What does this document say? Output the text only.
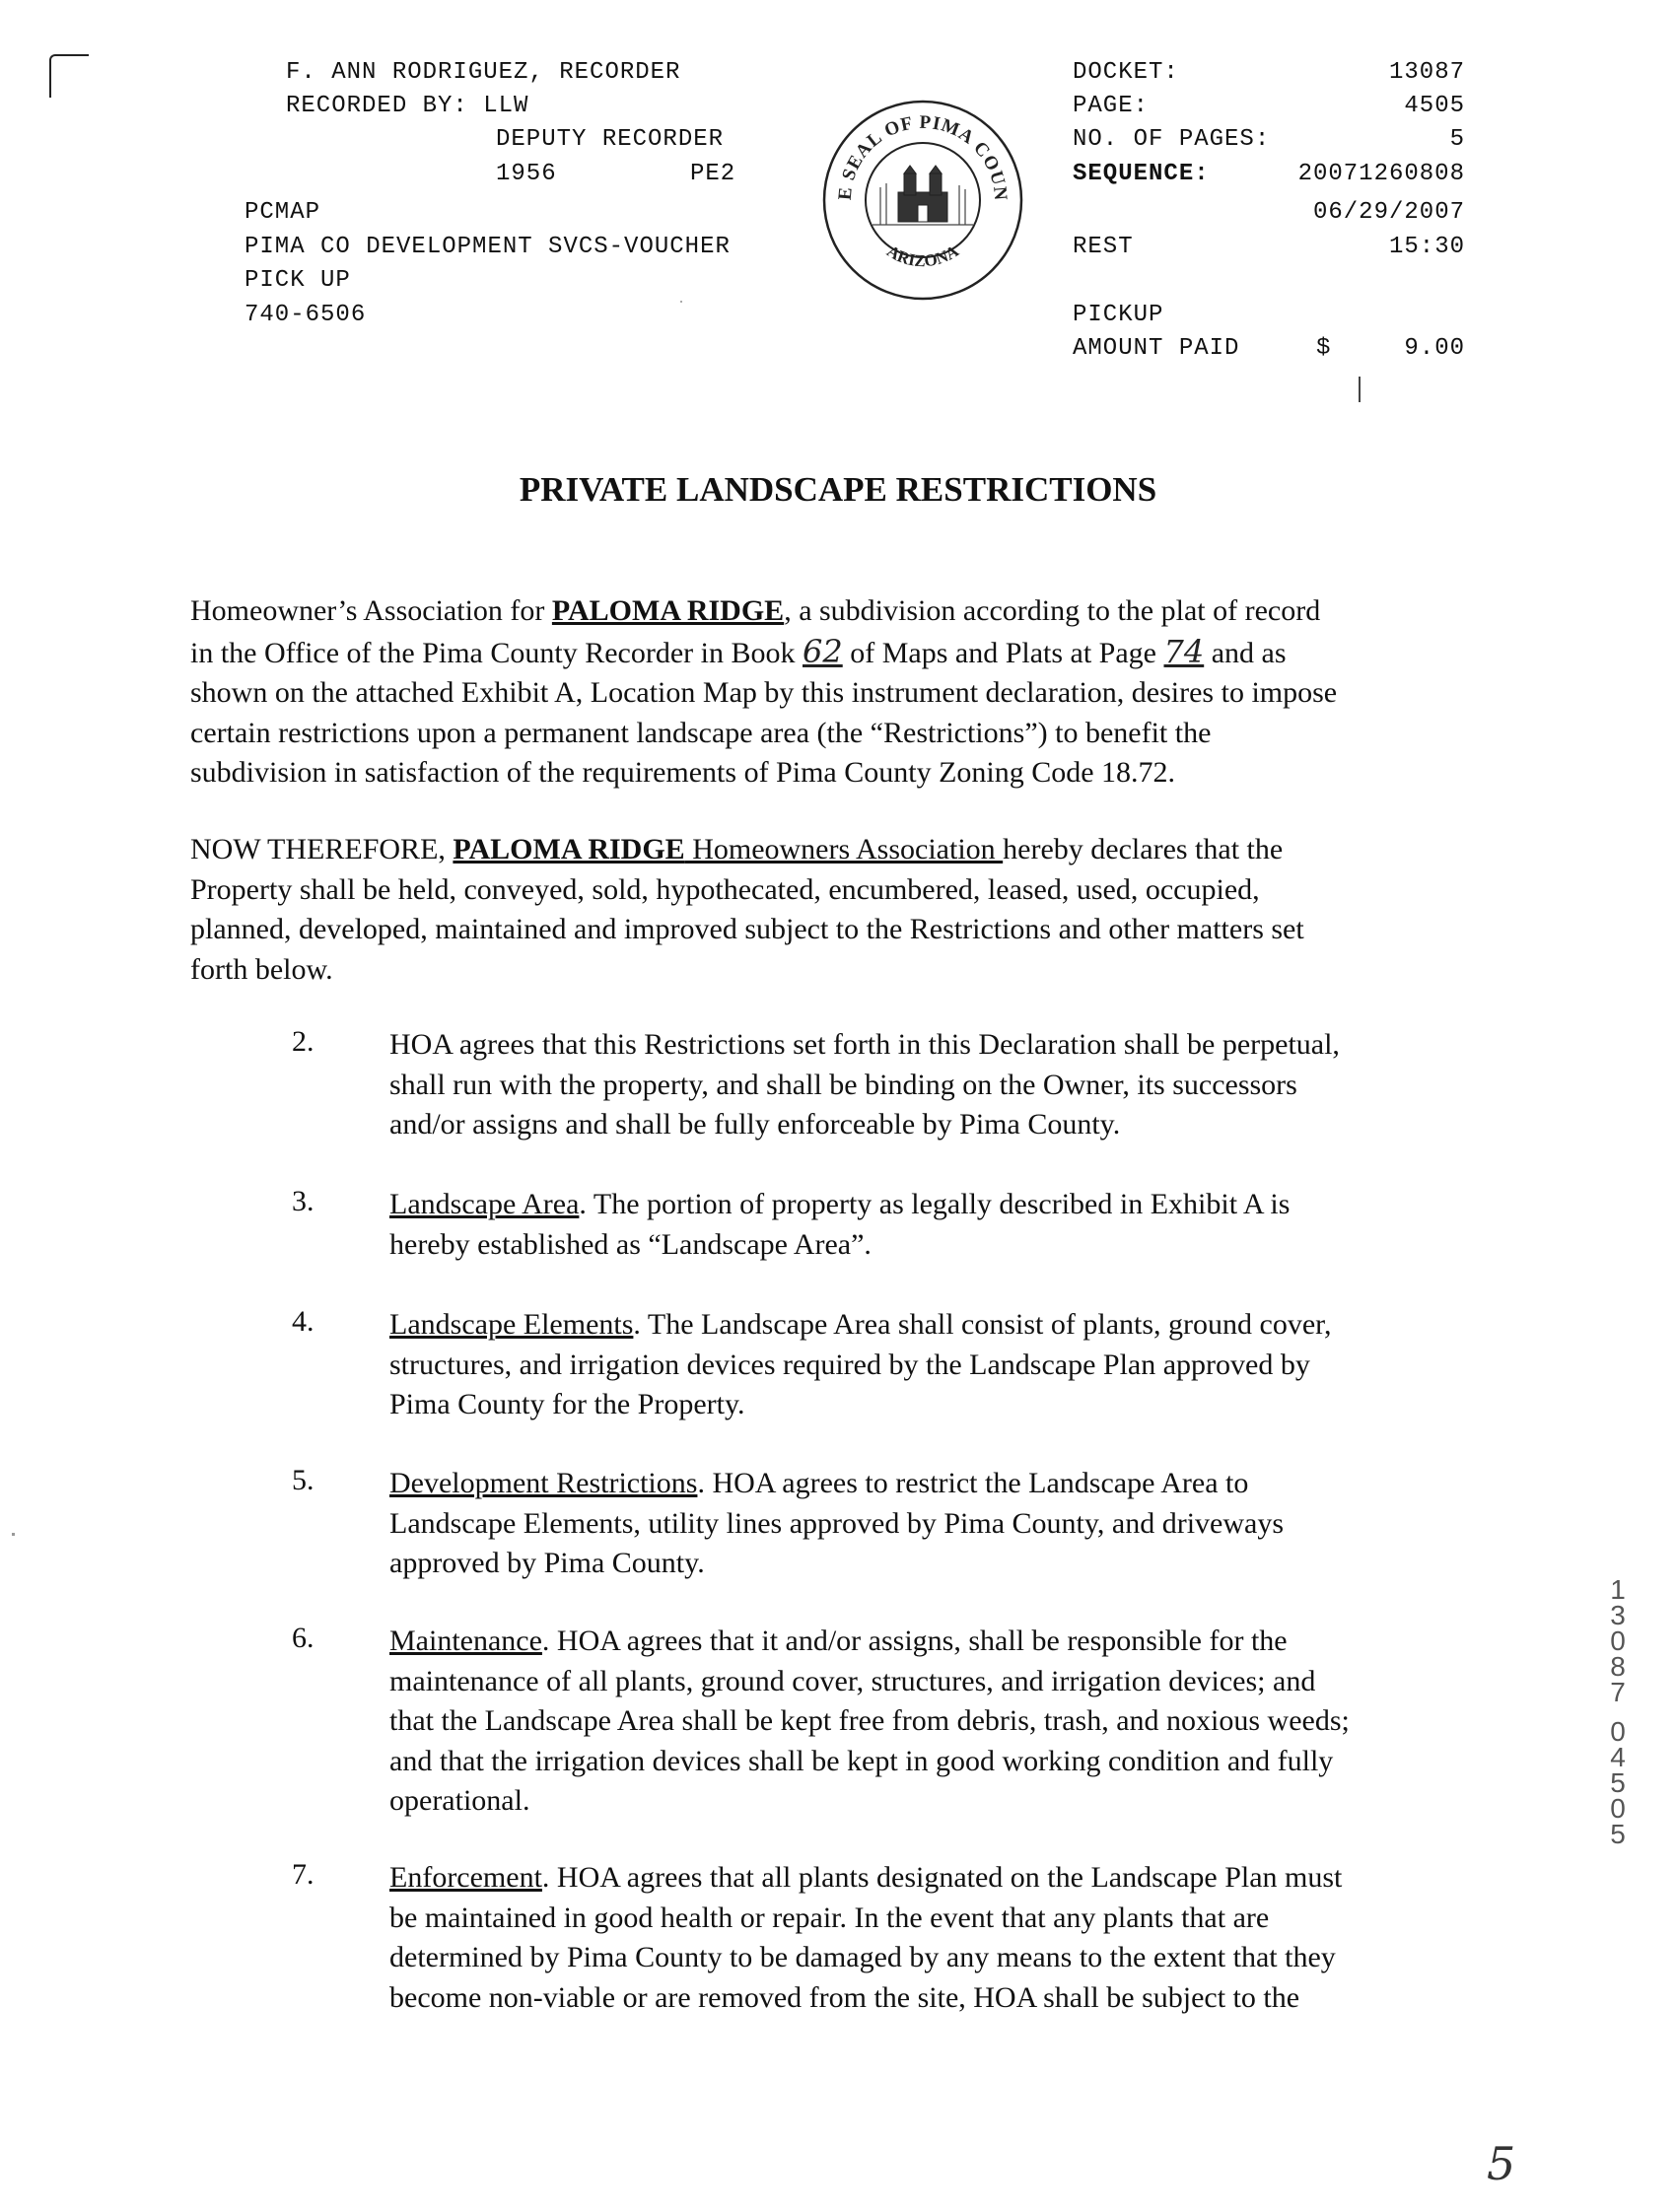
F. ANN RODRIGUEZ, RECORDER
RECORDED BY: LLW
DEPUTY RECORDER
1956	PE2
PCMAP
PIMA CO DEVELOPMENT SVCS-VOUCHER
PICK UP
740-6506
E SEAL OF PIMA COUN
ARIZONA
DOCKET:	13087
PAGE:	4505
NO. OF PAGES:	5
SEQUENCE:	20071260808
06/29/2007
REST	15:30
PICKUP
AMOUNT PAID	$	9.00
PRIVATE LANDSCAPE RESTRICTIONS
Homeowner’s Association for PALOMA RIDGE, a subdivision according to the plat of record
in the Office of the Pima County Recorder in Book 62 of Maps and Plats at Page 74 and as
shown on the attached Exhibit A, Location Map by this instrument declaration, desires to impose
certain restrictions upon a permanent landscape area (the “Restrictions”) to benefit the
subdivision in satisfaction of the requirements of Pima County Zoning Code 18.72.
NOW THEREFORE, PALOMA RIDGE Homeowners Association hereby declares that the
Property shall be held, conveyed, sold, hypothecated, encumbered, leased, used, occupied,
planned, developed, maintained and improved subject to the Restrictions and other matters set
forth below.
2.	HOA agrees that this Restrictions set forth in this Declaration shall be perpetual,
shall run with the property, and shall be binding on the Owner, its successors
and/or assigns and shall be fully enforceable by Pima County.
3.	Landscape Area. The portion of property as legally described in Exhibit A is
hereby established as “Landscape Area”.
4.	Landscape Elements. The Landscape Area shall consist of plants, ground cover,
structures, and irrigation devices required by the Landscape Plan approved by
Pima County for the Property.
5.	Development Restrictions. HOA agrees to restrict the Landscape Area to
Landscape Elements, utility lines approved by Pima County, and driveways
approved by Pima County.
6.	Maintenance. HOA agrees that it and/or assigns, shall be responsible for the
maintenance of all plants, ground cover, structures, and irrigation devices; and
that the Landscape Area shall be kept free from debris, trash, and noxious weeds;
and that the irrigation devices shall be kept in good working condition and fully
operational.
7.	Enforcement. HOA agrees that all plants designated on the Landscape Plan must
be maintained in good health or repair. In the event that any plants that are
determined by Pima County to be damaged by any means to the extent that they
become non-viable or are removed from the site, HOA shall be subject to the
1
3
0
8
7
0
4
5
0
5
5
